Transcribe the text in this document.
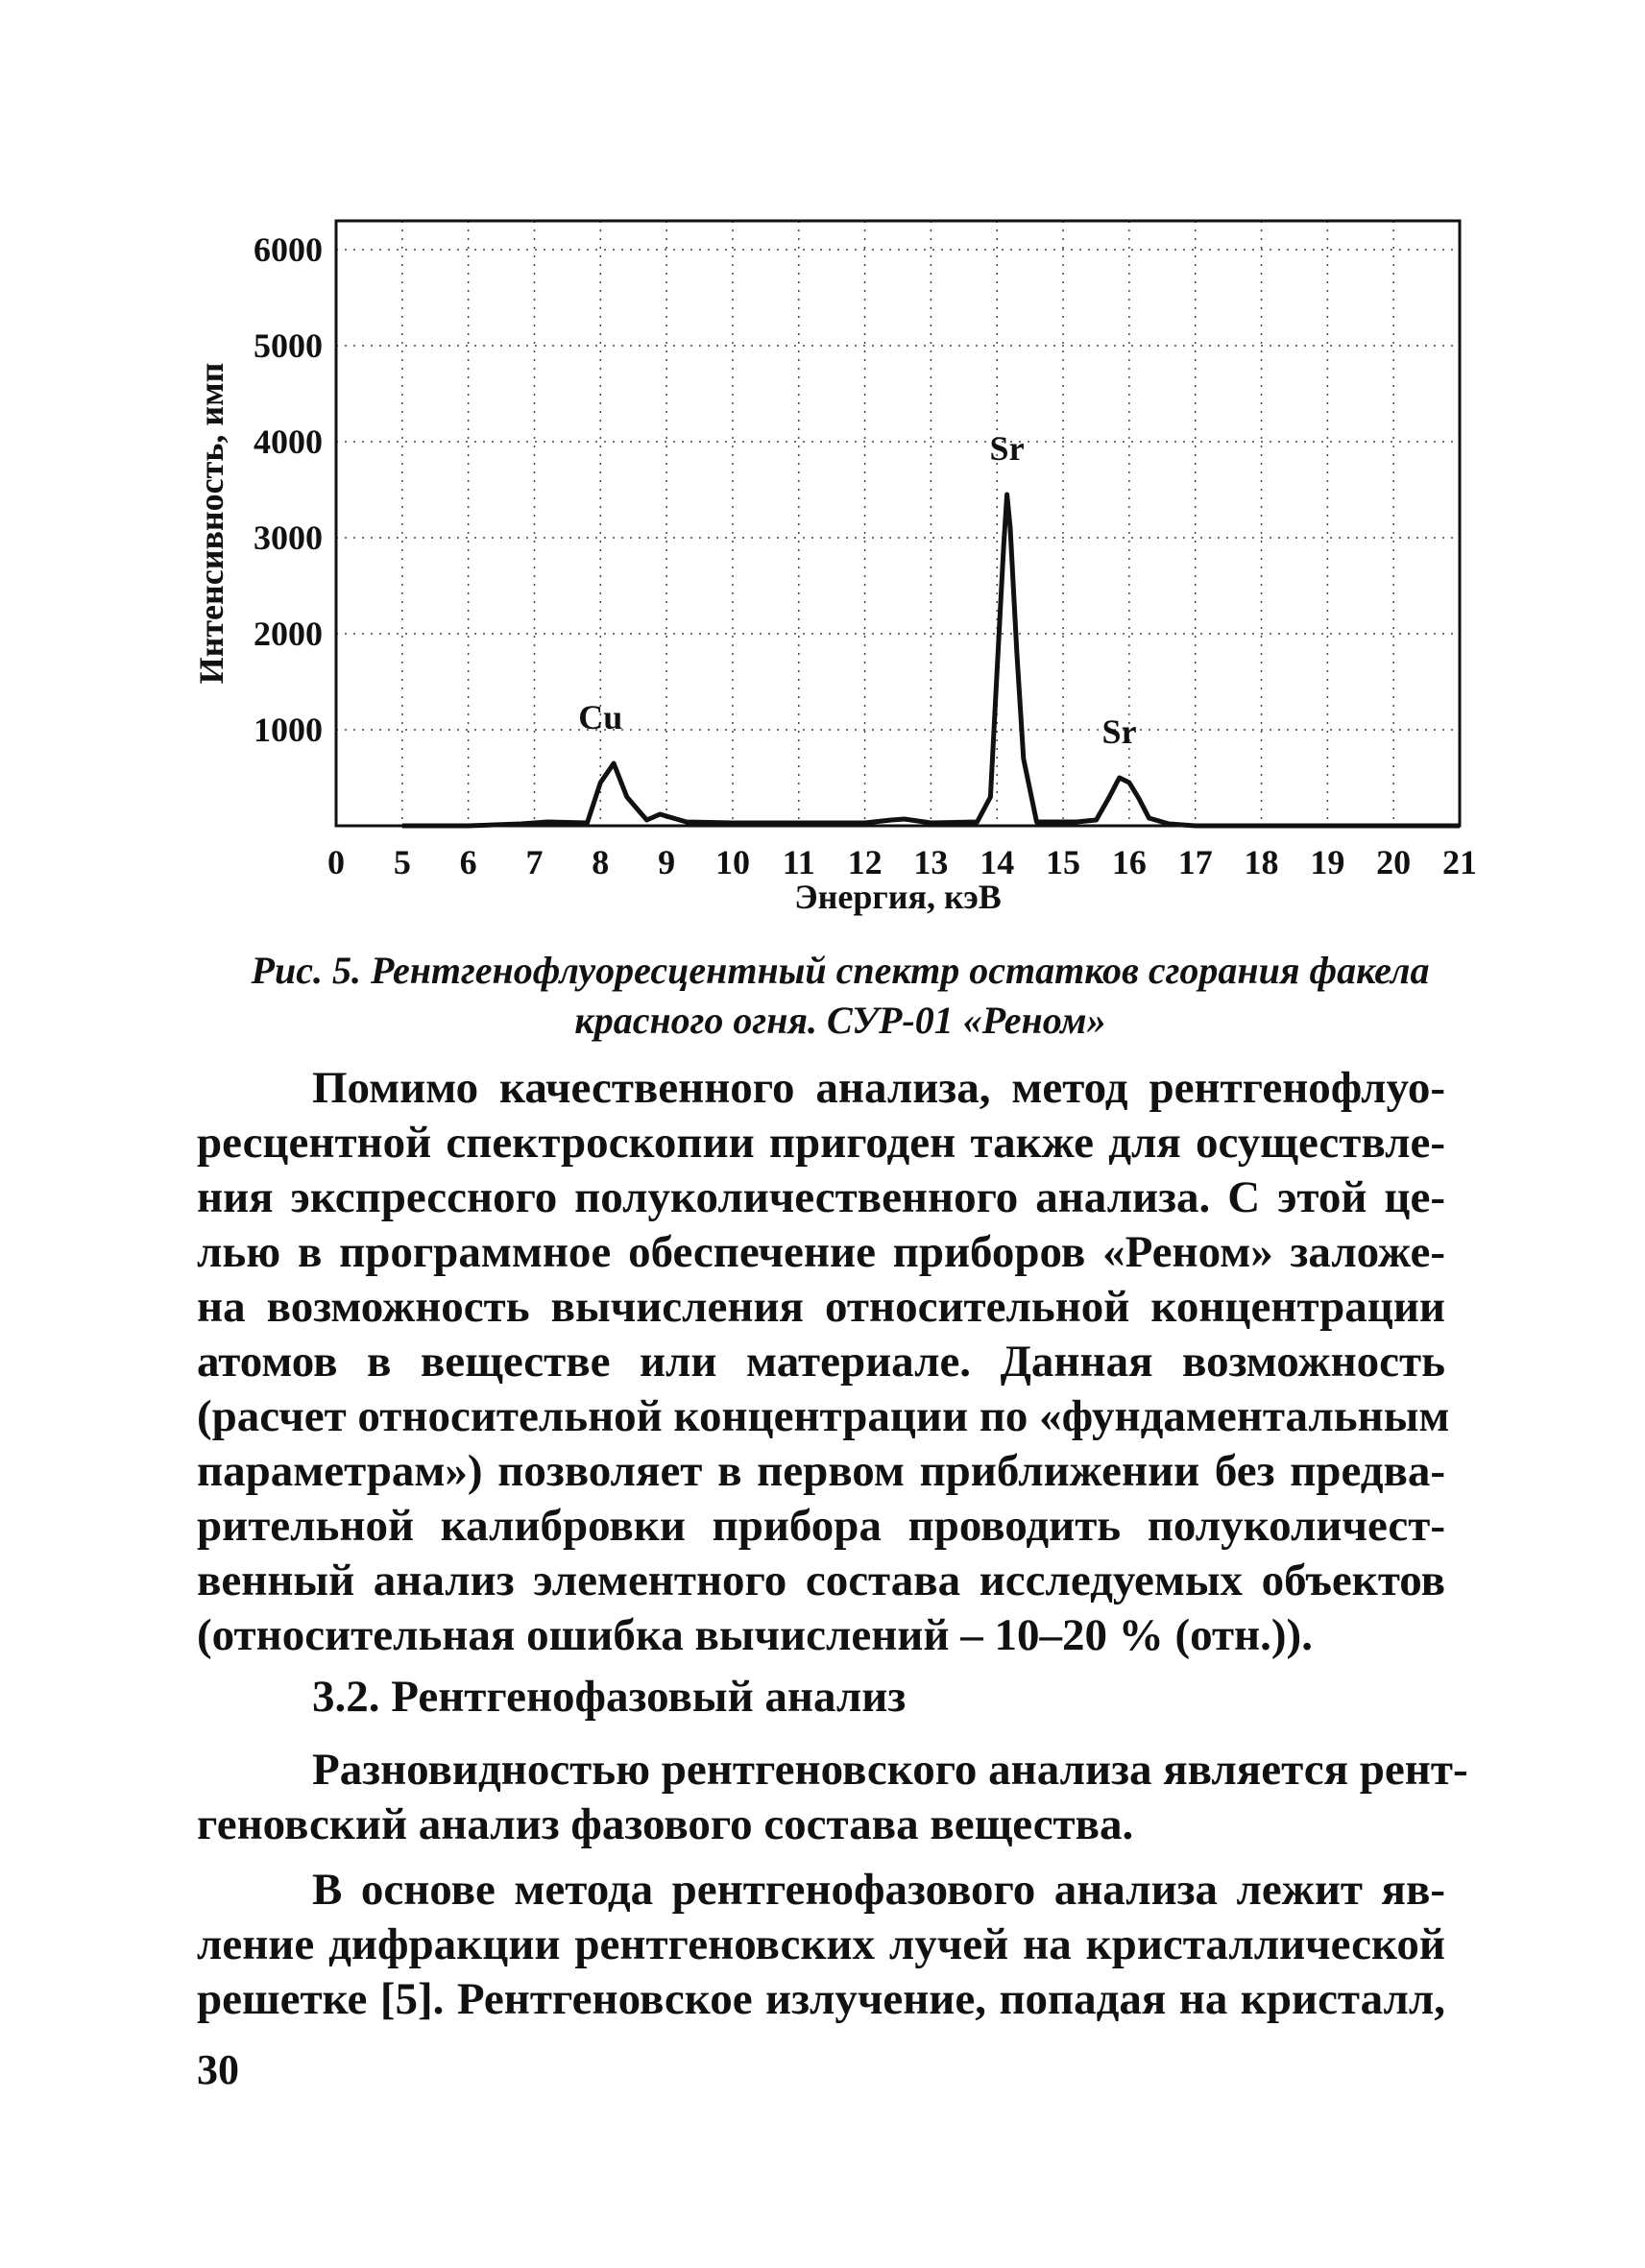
6000
5000
4000
3000
2000
1000
0 5 6 7 8 9 10 11 12 13 14 15 16 17 18 19 20 21
Cu
Sr
Sr
Интенсивность, имп
Энергия, кэВ
Рис. 5. Рентгенофлуоресцентный спектр остатков сгорания факела
красного огня. СУР-01 «Реном»
Помимо качественного анализа, метод рентгенофлуо-
ресцентной спектроскопии пригоден также для осуществле-
ния экспрессного полуколичественного анализа. С этой це-
лью в программное обеспечение приборов «Реном» заложе-
на возможность вычисления относительной концентрации
атомов в веществе или материале. Данная возможность
(расчет относительной концентрации по «фундаментальным
параметрам») позволяет в первом приближении без предва-
рительной калибровки прибора проводить полуколичест-
венный анализ элементного состава исследуемых объектов
(относительная ошибка вычислений – 10–20 % (отн.)).
3.2. Рентгенофазовый анализ
Разновидностью рентгеновского анализа является рент-
геновский анализ фазового состава вещества.
В основе метода рентгенофазового анализа лежит яв-
ление дифракции рентгеновских лучей на кристаллической
решетке [5]. Рентгеновское излучение, попадая на кристалл,
30
